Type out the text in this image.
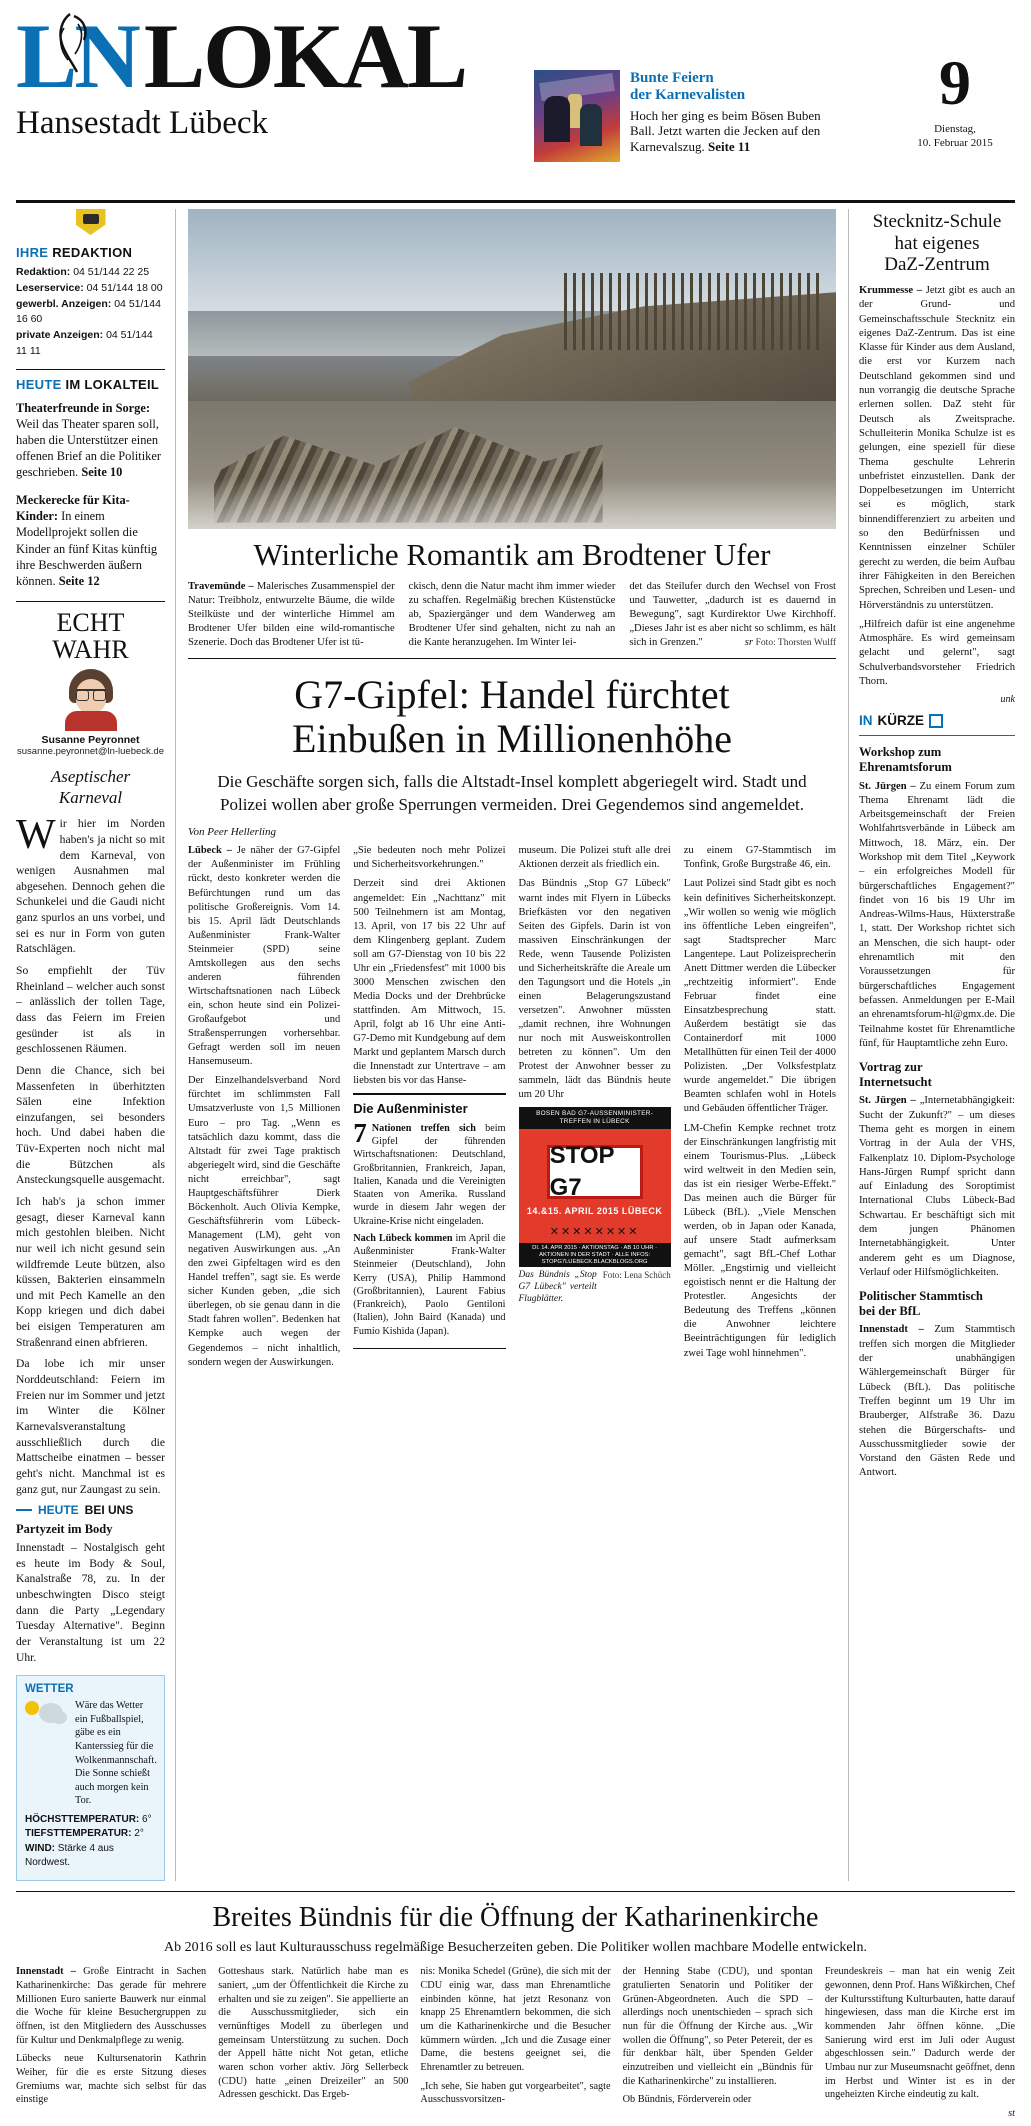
LN LOKAL
Hansestadt Lübeck
Bunte Feiern
der Karnevalisten
Hoch her ging es beim Bösen Buben Ball. Jetzt warten die Jecken auf den Karnevalszug. Seite 11
9
Dienstag,
10. Februar 2015
IHRE REDAKTION
Redaktion: 04 51/144 22 25
Leserservice: 04 51/144 18 00
gewerbl. Anzeigen: 04 51/144 16 60
private Anzeigen: 04 51/144 11 11
HEUTE IM LOKALTEIL
Theaterfreunde in Sorge: Weil das Theater sparen soll, haben die Unterstützer einen offenen Brief an die Politiker geschrieben. Seite 10
Meckerecke für Kita-Kinder: In einem Modellprojekt sollen die Kinder an fünf Kitas künftig ihre Beschwerden äußern können. Seite 12
ECHT
WAHR
Susanne Peyronnet
susanne.peyronnet@ln-luebeck.de
Aseptischer
Karneval

Wir hier im Norden haben's ja nicht so mit dem Karneval, von wenigen Ausnahmen mal abgesehen. Dennoch gehen die Schunkelei und die Gaudi nicht ganz spurlos an uns vorbei, und sei es nur in Form von guten Ratschlägen.

So empfiehlt der Tüv Rheinland – welcher auch sonst – anlässlich der tollen Tage, dass das Feiern im Freien gesünder ist als in geschlossenen Räumen.

Denn die Chance, sich bei Massenfeten in überhitzten Sälen eine Infektion einzufangen, sei besonders hoch. Und dabei haben die Tüv-Experten noch nicht mal die Bützchen als Ansteckungsquelle ausgemacht.

Ich hab's ja schon immer gesagt, dieser Karneval kann mich gestohlen bleiben. Nicht nur weil ich nicht gesund sein wildfremde Leute bützen, also küssen, Bakterien einsammeln und mit Pech Kamelle an den Kopp kriegen und dich dabei bei eisigen Temperaturen am Straßenrand einen abfrieren.

Da lobe ich mir unser Norddeutschland: Feiern im Freien nur im Sommer und jetzt im Winter die Kölner Karnevalsveranstaltung ausschließlich durch die Mattscheibe einatmen – besser geht's nicht. Manchmal ist es ganz gut, nur Zaungast zu sein.

HEUTE BEI UNS
Partyzeit im Body

Innenstadt – Nostalgisch geht es heute im Body & Soul, Kanalstraße 78, zu. In der unbeschwingten Disco steigt dann die Party „Legendary Tuesday Alternative". Beginn der Veranstaltung ist um 22 Uhr.

WETTER
Wäre das Wetter ein Fußballspiel, gäbe es ein Kanterssieg für die Wolkenmannschaft. Die Sonne schießt auch morgen kein Tor.
HÖCHSTTEMPERATUR: 6°
TIEFSTTEMPERATUR: 2°
WIND: Stärke 4 aus Nordwest.
Winterliche Romantik am Brodtener Ufer
Travemünde – Malerisches Zusammenspiel der Natur: Treibholz, entwurzelte Bäume, die wilde Steilküste und der winterliche Himmel am Brodtener Ufer bilden eine wild-romantische Szenerie. Doch das Brodtener Ufer ist tü-
ckisch, denn die Natur macht ihm immer wieder zu schaffen. Regelmäßig brechen Küstenstücke ab, Spaziergänger und dem Wanderweg am Brodtener Ufer sind gehalten, nicht zu nah an die Kante heranzugehen. Im Winter lei-
det das Steilufer durch den Wechsel von Frost und Tauwetter, „dadurch ist es dauernd in Bewegung", sagt Kurdirektor Uwe Kirchhoff. „Dieses Jahr ist es aber nicht so schlimm, es hält sich in Grenzen."	sr Foto: Thorsten Wulff
G7-Gipfel: Handel fürchtet
Einbußen in Millionenhöhe
Die Geschäfte sorgen sich, falls die Altstadt-Insel komplett abgeriegelt wird. Stadt und Polizei wollen aber große Sperrungen vermeiden. Drei Gegendemos sind angemeldet.
Von Peer Hellerling

Lübeck – Je näher der G7-Gipfel der Außenminister im Frühling rückt, desto konkreter werden die Befürchtungen rund um das politische Großereignis. Vom 14. bis 15. April lädt Deutschlands Außenminister Frank-Walter Steinmeier (SPD) seine Amtskollegen aus den sechs anderen führenden Wirtschaftsnationen nach Lübeck ein, schon heute sind ein Polizei-Großaufgebot und Straßensperrungen vorhersehbar. Gefragt werden soll im neuen Hansemuseum.

Der Einzelhandelsverband Nord fürchtet im schlimmsten Fall Umsatzverluste von 1,5 Millionen Euro – pro Tag. „Wenn es tatsächlich dazu kommt, dass die Altstadt für zwei Tage praktisch abgeriegelt wird, sind die Geschäfte nicht erreichbar", sagt Hauptgeschäftsführer Dierk Böckenholt. Auch Olivia Kempke, Geschäftsführerin vom Lübeck-Management (LM), geht von negativen Auswirkungen aus. „An den zwei Gipfeltagen wird es den Handel treffen", sagt sie. Es werde sicher Kunden geben, „die sich überlegen, ob sie genau dann in die Stadt fahren wollen". Bedenken hat Kempke auch wegen der Gegendemos – nicht inhaltlich, sondern wegen der Auswirkungen.

„Sie bedeuten noch mehr Polizei und Sicherheitsvorkehrungen."

Derzeit sind drei Aktionen angemeldet: Ein „Nachttanz" mit 500 Teilnehmern ist am Montag, 13. April, von 17 bis 22 Uhr auf dem Klingenberg geplant. Zudem soll am G7-Dienstag von 10 bis 22 Uhr ein „Friedensfest" mit 1000 bis 3000 Menschen zwischen den Media Docks und der Drehbrücke stattfinden. Am Mittwoch, 15. April, folgt ab 16 Uhr eine Anti-G7-Demo mit Kundgebung auf dem Markt und geplantem Marsch durch die Innenstadt zur Untertrave – am liebsten bis vor das Hanse-

Die Außenminister
7 Nationen treffen sich beim Gipfel der führenden Wirtschaftsnationen: Deutschland, Großbritannien, Frankreich, Japan, Italien, Kanada und die Vereinigten Staaten von Amerika. Russland wurde in diesem Jahr wegen der Ukraine-Krise nicht eingeladen.

Nach Lübeck kommen im April die Außenminister Frank-Walter Steinmeier (Deutschland), John Kerry (USA), Philip Hammond (Großbritannien), Laurent Fabius (Frankreich), Paolo Gentiloni (Italien), John Baird (Kanada) und Fumio Kishida (Japan).

museum. Die Polizei stuft alle drei Aktionen derzeit als friedlich ein.

Das Bündnis „Stop G7 Lübeck" warnt indes mit Flyern in Lübecks Briefkästen vor den negativen Seiten des Gipfels. Darin ist von massiven Einschränkungen der Rede, wenn Tausende Polizisten und Sicherheitskräfte die Areale um den Tagungsort und die Hotels „in einen Belagerungszustand versetzen". Anwohner müssten „damit rechnen, ihre Wohnungen nur noch mit Ausweiskontrollen betreten zu können". Um den Protest der Anwohner besser zu sammeln, lädt das Bündnis heute um 20 Uhr

BOSEN BAD G7-AUSSENMINISTER-TREFFEN IN LÜBECK
STOP G7
14.&15. APRIL 2015 LÜBECK
✕✕✕✕✕✕✕✕
DI. 14. APR 2015 · AKTIONSTAG · AB 10 UHR · AKTIONEN IN DER STADT · ALLE INFOS: STOPG7LUEBECK.BLACKBLOGS.ORG
Das Bündnis „Stop G7 Lübeck" verteilt Flugblätter.
Foto: Lena Schüch

zu einem G7-Stammtisch im Tonfink, Große Burgstraße 46, ein.

Laut Polizei sind Stadt gibt es noch kein definitives Sicherheitskonzept. „Wir wollen so wenig wie möglich ins öffentliche Leben eingreifen", sagt Stadtsprecher Marc Langentepe. Laut Polizeisprecherin Anett Dittmer werden die Lübecker „rechtzeitig informiert". Ende Februar findet eine Einsatzbesprechung statt. Außerdem bestätigt sie das Containerdorf mit 1000 Metallhütten für einen Teil der 4000 Polizisten. „Der Volksfestplatz wurde angemeldet." Die übrigen Beamten schlafen wohl in Hotels und Gebäuden öffentlicher Träger.

LM-Chefin Kempke rechnet trotz der Einschränkungen langfristig mit einem Tourismus-Plus. „Lübeck wird weltweit in den Medien sein, das ist ein riesiger Werbe-Effekt." Das meinen auch die Bürger für Lübeck (BfL). „Viele Menschen werden, ob in Japan oder Kanada, auf unsere Stadt aufmerksam gemacht", sagt BfL-Chef Lothar Möller. „Engstirnig und vielleicht egoistisch nennt er die Haltung der Protestler. Angesichts der Bedeutung des Treffens „können die Anwohner leichtere Beeinträchtigungen für lediglich zwei Tage wohl hinnehmen".

Stecknitz-Schule
hat eigenes
DaZ-Zentrum

Krummesse – Jetzt gibt es auch an der Grund- und Gemeinschaftsschule Stecknitz ein eigenes DaZ-Zentrum. Das ist eine Klasse für Kinder aus dem Ausland, die erst vor Kurzem nach Deutschland gekommen sind und nun vorrangig die deutsche Sprache erlernen sollen. DaZ steht für Deutsch als Zweitsprache. Schulleiterin Monika Schulze ist es gelungen, eine speziell für diese Thema geschulte Lehrerin unbefristet einzustellen. Dank der Doppelbesetzungen im Unterricht sei es möglich, stark binnendifferenziert zu arbeiten und so den Bedürfnissen und Kenntnissen einzelner Schüler gerecht zu werden, die beim Aufbau ihrer Fähigkeiten in den Bereichen Sprechen, Schreiben und Lesen- und Hörverständnis zu unterstützen.

„Hilfreich dafür ist eine angenehme Atmosphäre. Es wird gemeinsam gelacht und gelernt", sagt Schulverbandsvorsteher Friedrich Thorn.

unk
IN KÜRZE
Workshop zum
Ehrenamtsforum

St. Jürgen – Zu einem Forum zum Thema Ehrenamt lädt die Arbeitsgemeinschaft der Freien Wohlfahrtsverbände in Lübeck am Mittwoch, 18. März, ein. Der Workshop mit dem Titel „Keywork – ein erfolgreiches Modell für bürgerschaftliches Engagement?" findet von 16 bis 19 Uhr im Andreas-Wilms-Haus, Hüxterstraße 1, statt. Der Workshop richtet sich an Menschen, die sich haupt- oder ehrenamtlich mit den Voraussetzungen für bürgerschaftliches Engagement befassen. Anmeldungen per E-Mail an ehrenamtsforum-hl@gmx.de. Die Teilnahme kostet für Ehrenamtliche fünf, für Hauptamtliche zehn Euro.

Vortrag zur
Internetsucht

St. Jürgen – „Internetabhängigkeit: Sucht der Zukunft?" – um dieses Thema geht es morgen in einem Vortrag in der Aula der VHS, Falkenplatz 10. Diplom-Psychologe Hans-Jürgen Rumpf spricht dann auf Einladung des Soroptimist International Clubs Lübeck-Bad Schwartau. Er beschäftigt sich mit dem jungen Phänomen Internetabhängigkeit. Unter anderem geht es um Diagnose, Verlauf oder Hilfsmöglichkeiten.

Politischer Stammtisch
bei der BfL

Innenstadt – Zum Stammtisch treffen sich morgen die Mitglieder der unabhängigen Wählergemeinschaft Bürger für Lübeck (BfL). Das politische Treffen beginnt um 19 Uhr im Brauberger, Alfstraße 36. Dazu stehen die Bürgerschafts- und Ausschussmitglieder sowie der Vorstand den Gästen Rede und Antwort.

Breites Bündnis für die Öffnung der Katharinenkirche
Ab 2016 soll es laut Kulturausschuss regelmäßige Besucherzeiten geben. Die Politiker wollen machbare Modelle entwickeln.

Innenstadt – Große Eintracht in Sachen Katharinenkirche: Das gerade für mehrere Millionen Euro sanierte Bauwerk nur einmal die Woche für kleine Besuchergruppen zu öffnen, ist den Mitgliedern des Ausschusses für Kultur und Denkmalpflege zu wenig.

Lübecks neue Kultursenatorin Kathrin Weiher, für die es erste Sitzung dieses Gremiums war, machte sich selbst für das einstige

Gotteshaus stark. Natürlich habe man es saniert, „um der Öffentlichkeit die Kirche zu erhalten und sie zu zeigen". Sie appellierte an die Ausschussmitglieder, sich ein vernünftiges Modell zu überlegen und gemeinsam Unterstützung zu suchen. Doch der Appell hätte nicht Not getan, etliche waren schon vorher aktiv. Jörg Sellerbeck (CDU) hatte „einen Dreizeiler" an 500 Adressen geschickt. Das Ergeb-

nis: Monika Schedel (Grüne), die sich mit der CDU einig war, dass man Ehrenamtliche einbinden könne, hat jetzt Resonanz von knapp 25 Ehrenamtlern bekommen, die sich um die Katharinenkirche und die Besucher kümmern würden. „Ich und die Zusage einer Dame, die bestens geeignet sei, die Ehrenamtler zu betreuen.

„Ich sehe, Sie haben gut vorgearbeitet", sagte Ausschussvorsitzen-

der Henning Stabe (CDU), und spontan gratulierten Senatorin und Politiker der Grünen-Abgeordneten. Auch die SPD – allerdings noch unentschieden – sprach sich nun für die Öffnung der Kirche aus. „Wir wollen die Öffnung", so Peter Petereit, der es für denkbar hält, über Spenden Gelder einzutreiben und vielleicht ein „Bündnis für die Katharinenkirche" zu installieren.

Ob Bündnis, Förderverein oder

Freundeskreis – man hat ein wenig Zeit gewonnen, denn Prof. Hans Wißkirchen, Chef der Kultursstiftung Kulturbauten, hatte darauf hingewiesen, dass man die Kirche erst im kommenden Jahr öffnen könne. „Die Sanierung wird erst im Juli oder August abgeschlossen sein." Dadurch werde der Umbau nur zur Museumsnacht geöffnet, denn im Herbst und Winter ist es in der ungeheizten Kirche eindeutig zu kalt.

st
